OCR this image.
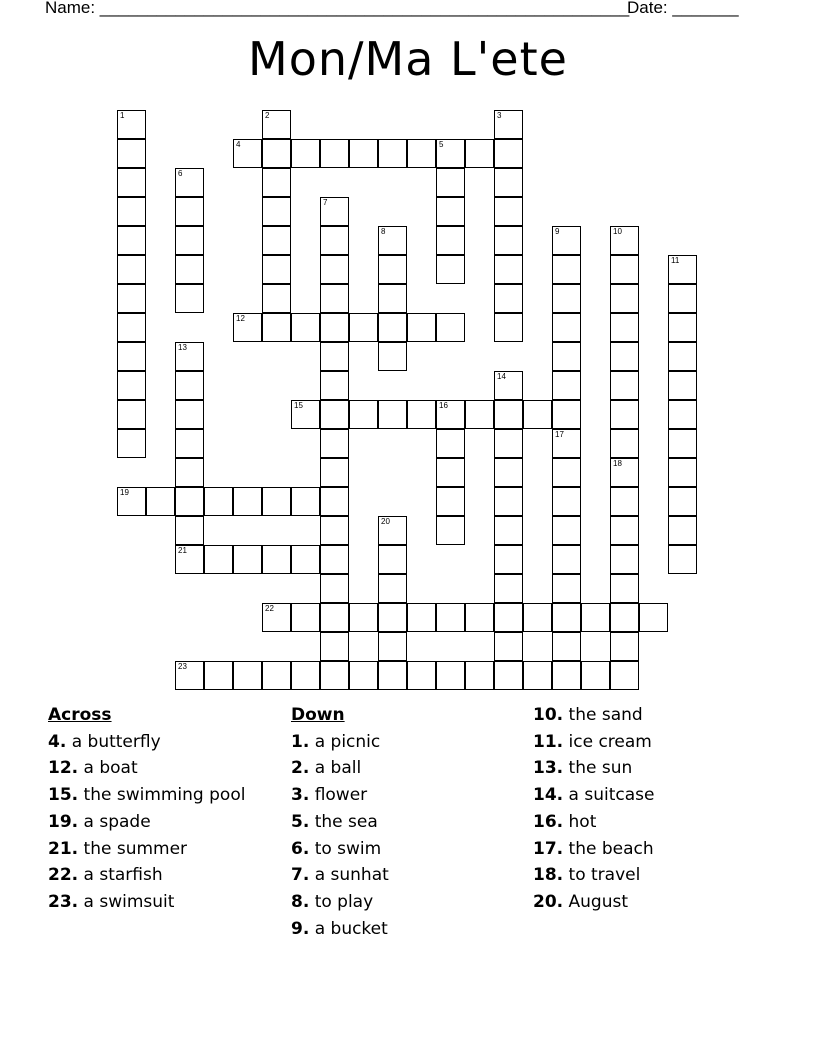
Name: ________________________________________________________
Date: _______
Mon/Ma L'ete
1	2	3
4	5
6
7
8	9	10
11
12
13
21
14
15	16
17
18
19
20
22
23
Across
4. a butterfly
12. a boat
15. the swimming pool
19. a spade
21. the summer
22. a starfish
23. a swimsuit
Down
1. a picnic
2. a ball
3. flower
5. the sea
6. to swim
7. a sunhat
8. to play
9. a bucket
10. the sand
11. ice cream
13. the sun
14. a suitcase
16. hot
17. the beach
18. to travel
20. August
